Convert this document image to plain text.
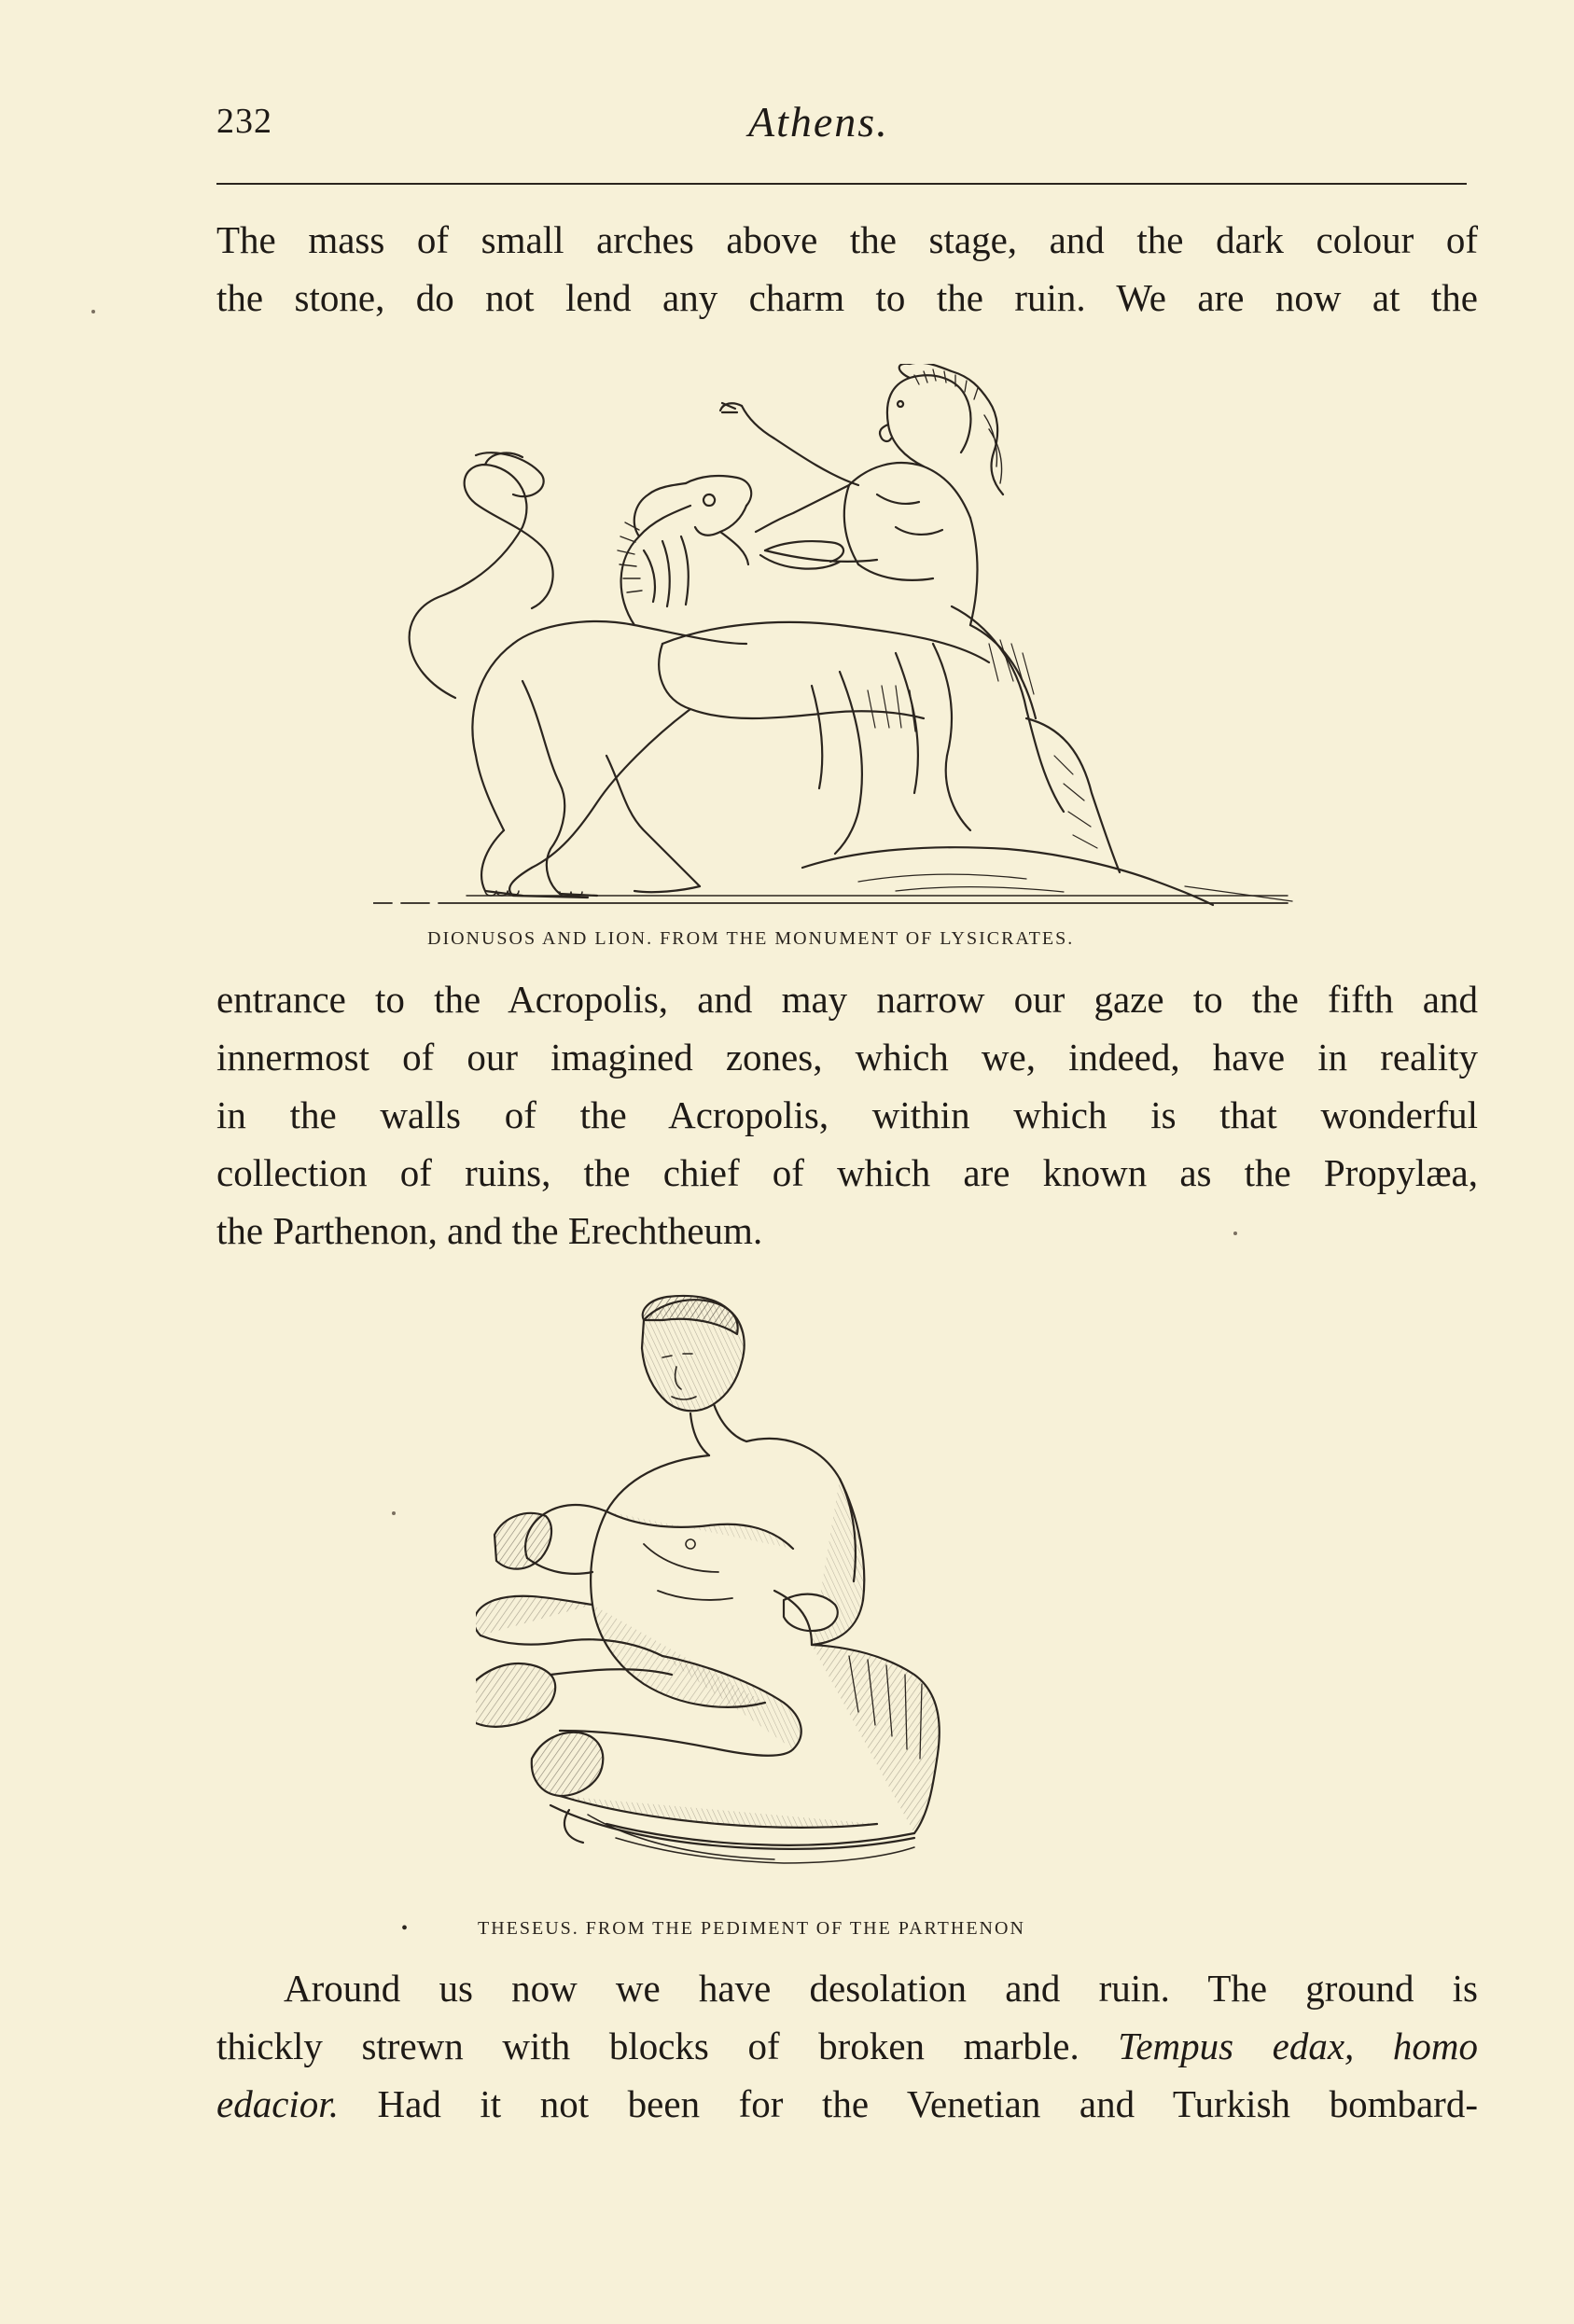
232	Athens.
The mass of small arches above the stage, and the dark colour of
the stone, do not lend any charm to the ruin. We are now at the
DIONUSOS AND LION. FROM THE MONUMENT OF LYSICRATES.
entrance to the Acropolis, and may narrow our gaze to the fifth and
innermost of our imagined zones, which we, indeed, have in reality
in the walls of the Acropolis, within which is that wonderful
collection of ruins, the chief of which are known as the Propylæa,
the Parthenon, and the Erechtheum.
•	THESEUS. FROM THE PEDIMENT OF THE PARTHENON
Around us now we have desolation and ruin. The ground is
thickly strewn with blocks of broken marble. Tempus edax, homo
edacior. Had it not been for the Venetian and Turkish bombard-
